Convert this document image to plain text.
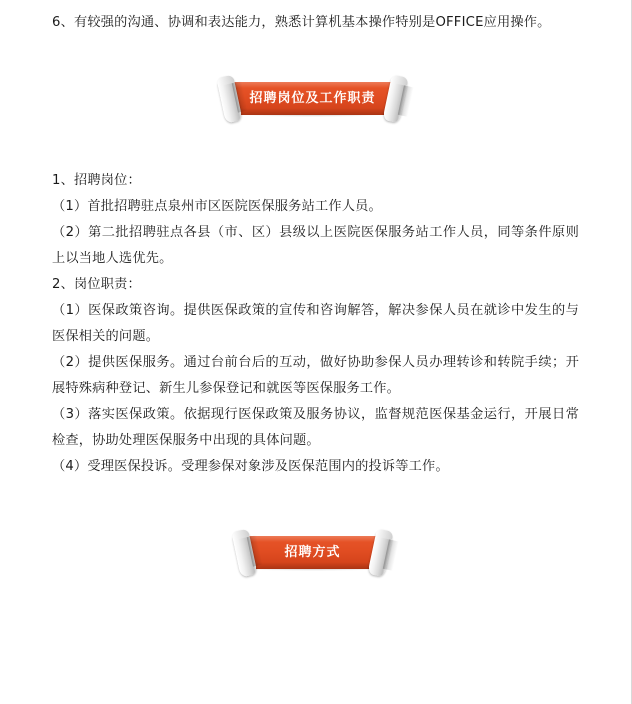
6、有较强的沟通、协调和表达能力，熟悉计算机基本操作特别是OFFICE应用操作。

招聘岗位及工作职责

1、招聘岗位：

（1）首批招聘驻点泉州市区医院医保服务站工作人员。

（2）第二批招聘驻点各县（市、区）县级以上医院医保服务站工作人员，同等条件原则上以当地人选优先。

2、岗位职责：

（1）医保政策咨询。提供医保政策的宣传和咨询解答，解决参保人员在就诊中发生的与医保相关的问题。

（2）提供医保服务。通过台前台后的互动，做好协助参保人员办理转诊和转院手续；开展特殊病种登记、新生儿参保登记和就医等医保服务工作。

（3）落实医保政策。依据现行医保政策及服务协议，监督规范医保基金运行，开展日常检查，协助处理医保服务中出现的具体问题。

（4）受理医保投诉。受理参保对象涉及医保范围内的投诉等工作。

招聘方式
